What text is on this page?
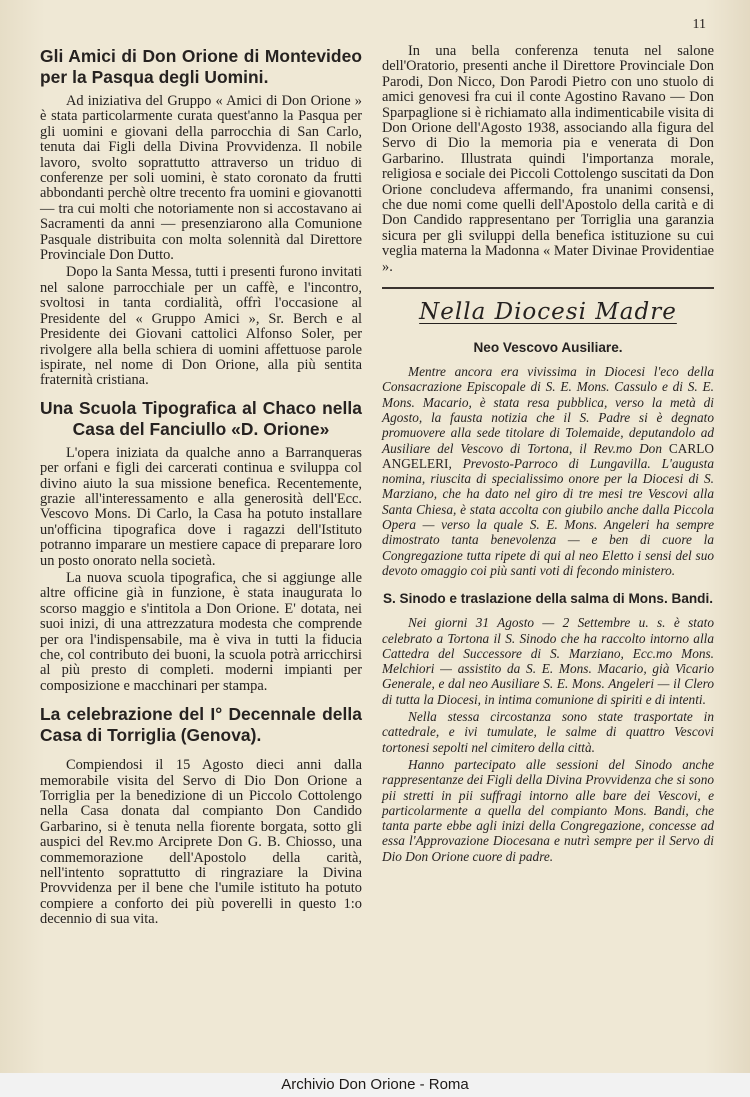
11
Gli Amici di Don Orione di Montevideo per la Pasqua degli Uomini.

Ad iniziativa del Gruppo « Amici di Don Orione » è stata particolarmente curata quest'anno la Pasqua per gli uomini e giovani della parrocchia di San Carlo, tenuta dai Figli della Divina Provvidenza. Il nobile lavoro, svolto soprattutto attraverso un triduo di conferenze per soli uomini, è stato coronato da frutti abbondanti perchè oltre trecento fra uomini e giovanotti — tra cui molti che notoriamente non si accostavano ai Sacramenti da anni — presenziarono alla Comunione Pasquale distribuita con molta solennità dal Direttore Provinciale Don Dutto.

Dopo la Santa Messa, tutti i presenti furono invitati nel salone parrocchiale per un caffè, e l'incontro, svoltosi in tanta cordialità, offrì l'occasione al Presidente del « Gruppo Amici », Sr. Berch e al Presidente dei Giovani cattolici Alfonso Soler, per rivolgere alla bella schiera di uomini affettuose parole ispirate, nel nome di Don Orione, alla più sentita fraternità cristiana.

Una Scuola Tipografica al Chaco nella Casa del Fanciullo «D. Orione»

L'opera iniziata da qualche anno a Barranqueras per orfani e figli dei carcerati continua e sviluppa col divino aiuto la sua missione benefica. Recentemente, grazie all'interessamento e alla generosità dell'Ecc. Vescovo Mons. Di Carlo, la Casa ha potuto installare un'officina tipografica dove i ragazzi dell'Istituto potranno imparare un mestiere capace di preparare loro un posto onorato nella società.

La nuova scuola tipografica, che si aggiunge alle altre officine già in funzione, è stata inaugurata lo scorso maggio e s'intitola a Don Orione. E' dotata, nei suoi inizi, di una attrezzatura modesta che comprende per ora l'indispensabile, ma è viva in tutti la fiducia che, col contributo dei buoni, la scuola potrà arricchirsi al più presto di completi. moderni impianti per composizione e macchinari per stampa.

La celebrazione del I° Decennale della Casa di Torriglia (Genova).

Compiendosi il 15 Agosto dieci anni dalla memorabile visita del Servo di Dio Don Orione a Torriglia per la benedizione di un Piccolo Cottolengo nella Casa donata dal compianto Don Candido Garbarino, si è tenuta nella fiorente borgata, sotto gli auspici del Rev.mo Arciprete Don G. B. Chiosso, una commemorazione dell'Apostolo della carità, nell'intento soprattutto di ringraziare la Divina Provvidenza per il bene che l'umile istituto ha potuto compiere a conforto dei più poverelli in questo 1:o decennio di sua vita.

In una bella conferenza tenuta nel salone dell'Oratorio, presenti anche il Direttore Provinciale Don Parodi, Don Nicco, Don Parodi Pietro con uno stuolo di amici genovesi fra cui il conte Agostino Ravano — Don Sparpaglione si è richiamato alla indimenticabile visita di Don Orione dell'Agosto 1938, associando alla figura del Servo di Dio la memoria pia e venerata di Don Garbarino. Illustrata quindi l'importanza morale, religiosa e sociale dei Piccoli Cottolengo suscitati da Don Orione concludeva affermando, fra unanimi consensi, che due nomi come quelli dell'Apostolo della carità e di Don Candido rappresentano per Torriglia una garanzia sicura per gli sviluppi della benefica istituzione su cui veglia materna la Madonna « Mater Divinae Providentiae ».

Nella Diocesi Madre
Neo Vescovo Ausiliare.

Mentre ancora era vivissima in Diocesi l'eco della Consacrazione Episcopale di S. E. Mons. Cassulo e di S. E. Mons. Macario, è stata resa pubblica, verso la metà di Agosto, la fausta notizia che il S. Padre si è degnato promuovere alla sede titolare di Tolemaide, deputandolo ad Ausiliare del Vescovo di Tortona, il Rev.mo Don CARLO ANGELERI, Prevosto-Parroco di Lungavilla. L'augusta nomina, riuscita di specialissimo onore per la Diocesi di S. Marziano, che ha dato nel giro di tre mesi tre Vescovi alla Santa Chiesa, è stata accolta con giubilo anche dalla Piccola Opera — verso la quale S. E. Mons. Angeleri ha sempre dimostrato tanta benevolenza — e ben di cuore la Congregazione tutta ripete di qui al neo Eletto i sensi del suo devoto omaggio coi più santi voti di fecondo ministero.

S. Sinodo e traslazione della salma di Mons. Bandi.

Nei giorni 31 Agosto — 2 Settembre u. s. è stato celebrato a Tortona il S. Sinodo che ha raccolto intorno alla Cattedra del Successore di S. Marziano, Ecc.mo Mons. Melchiori — assistito da S. E. Mons. Macario, già Vicario Generale, e dal neo Ausiliare S. E. Mons. Angeleri — il Clero di tutta la Diocesi, in intima comunione di spiriti e di intenti.

Nella stessa circostanza sono state trasportate in cattedrale, e ivi tumulate, le salme di quattro Vescovi tortonesi sepolti nel cimitero della città.

Hanno partecipato alle sessioni del Sinodo anche rappresentanze dei Figli della Divina Provvidenza che si sono pii stretti in pii suffragi intorno alle bare dei Vescovi, e particolarmente a quella del compianto Mons. Bandi, che tanta parte ebbe agli inizi della Congregazione, concesse ad essa l'Approvazione Diocesana e nutrì sempre per il Servo di Dio Don Orione cuore di padre.

Archivio Don Orione - Roma
